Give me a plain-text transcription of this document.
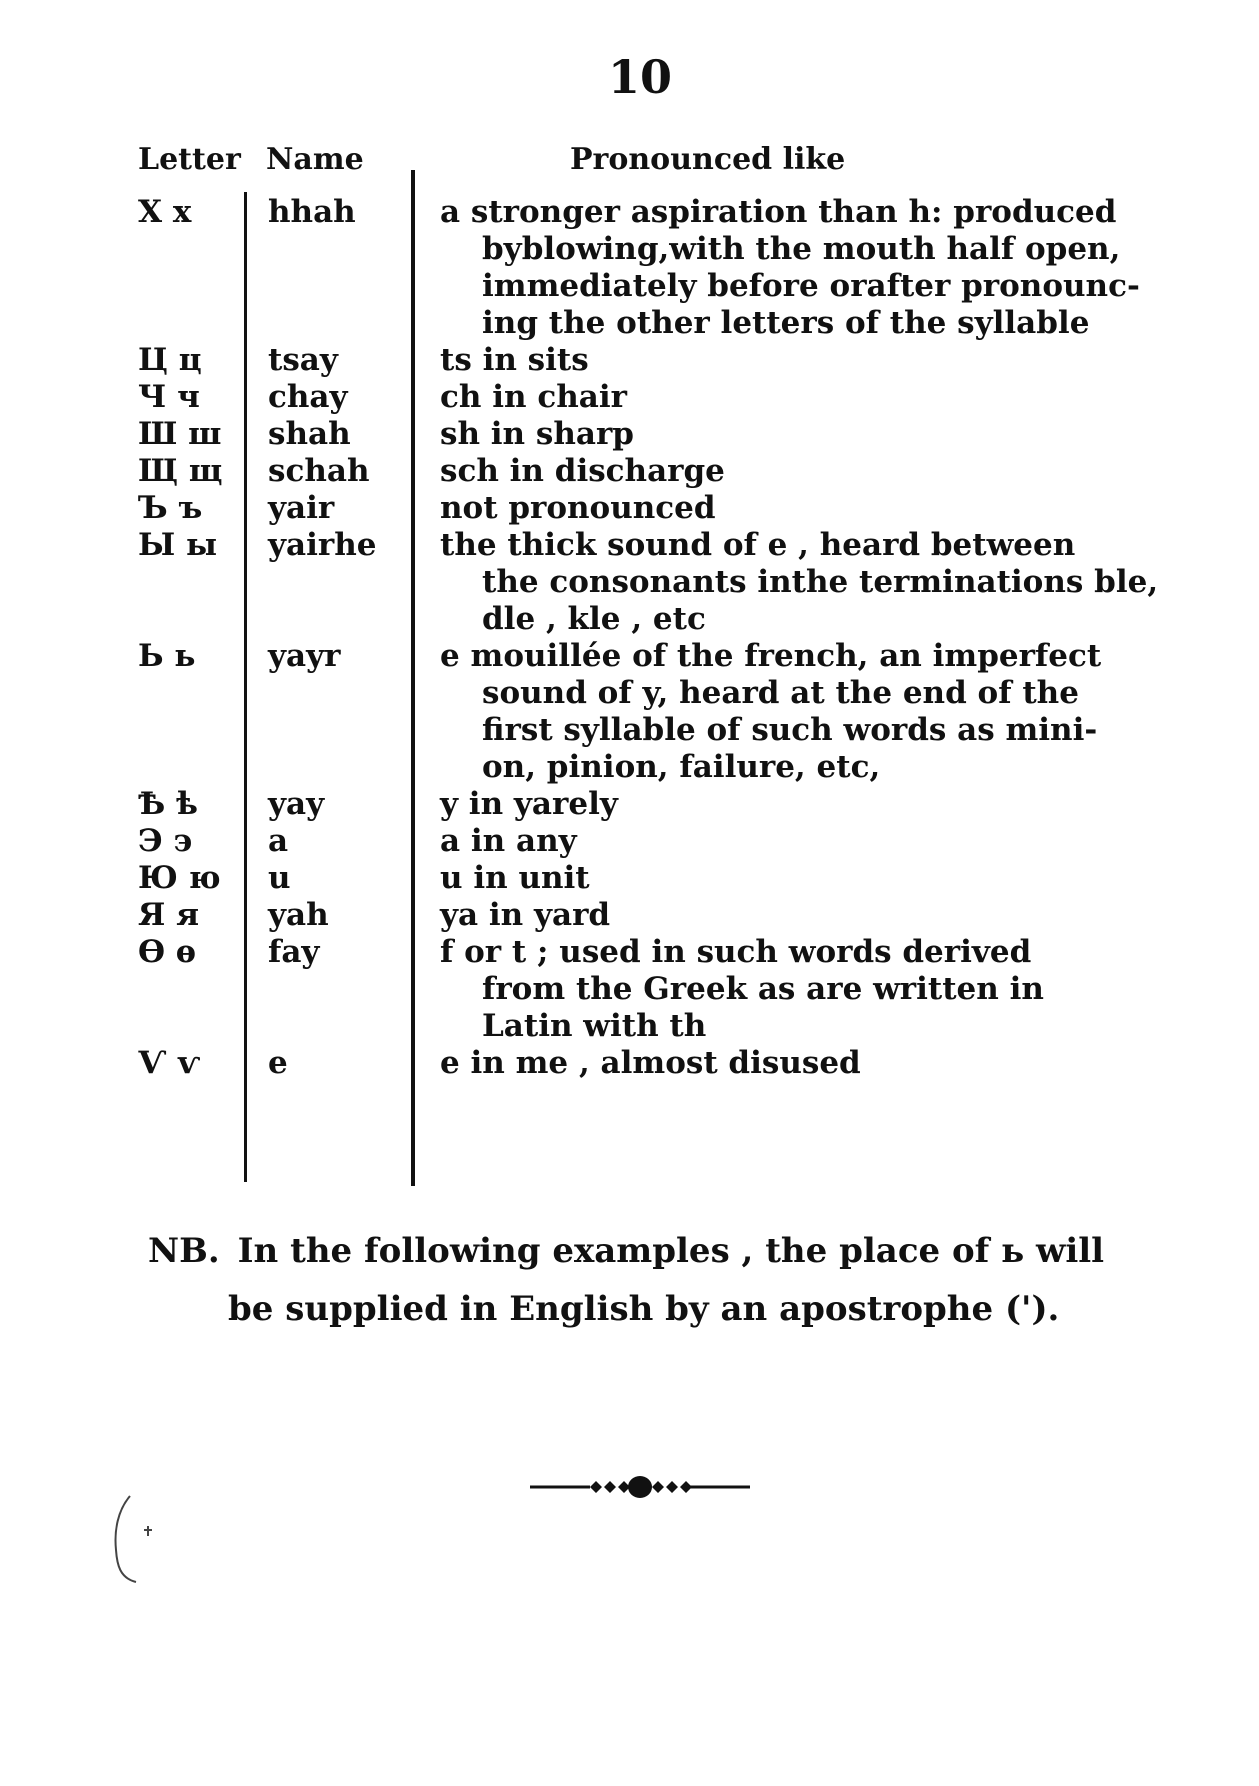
10
Letter Name	Pronounced like
Х х	hhah	a stronger aspiration than h: produced
byblowing,with the mouth half open,
immediately before orafter pronounc-
ing the other letters of the syllable
Ц ц	tsay	ts in sits
Ч ч	chay	ch in chair
Ш ш	shah	sh in sharp
Щ щ	schah	sch in discharge
Ъ ъ	yair	not pronounced
Ы ы	yairhe	the thick sound of e , heard between
the consonants inthe terminations ble,
dle , kle , etc
Ь ь	yayr	e mouillée of the french, an imperfect
sound of y, heard at the end of the
first syllable of such words as mini-
on, pinion, failure, etc,
Ѣ ѣ	yay	y in yarely
Э э	a	a in any
Ю ю	u	u in unit
Я я	yah	ya in yard
Ѳ ѳ	fay	f or t ; used in such words derived
from the Greek as are written in
Latin with th
Ѵ ѵ	e	e in me , almost disused
NB. In the following examples , the place of ь will
be supplied in English by an apostrophe (').
